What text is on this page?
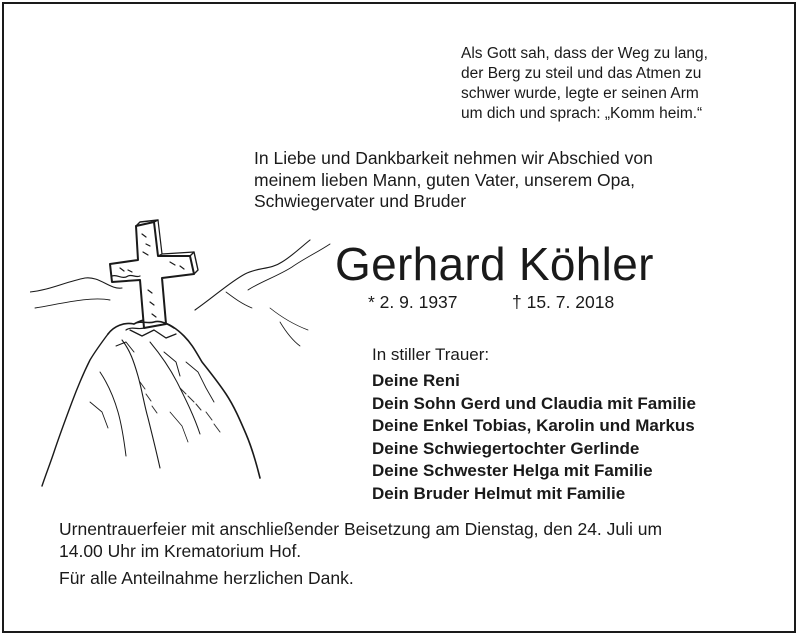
Als Gott sah, dass der Weg zu lang,
der Berg zu steil und das Atmen zu
schwer wurde, legte er seinen Arm
um dich und sprach: „Komm heim.“
In Liebe und Dankbarkeit nehmen wir Abschied von
meinem lieben Mann, guten Vater, unserem Opa,
Schwiegervater und Bruder
Gerhard Köhler
* 2. 9. 1937	† 15. 7. 2018
In stiller Trauer:
Deine Reni
Dein Sohn Gerd und Claudia mit Familie
Deine Enkel Tobias, Karolin und Markus
Deine Schwiegertochter Gerlinde
Deine Schwester Helga mit Familie
Dein Bruder Helmut mit Familie
Urnentrauerfeier mit anschließender Beisetzung am Dienstag, den 24. Juli um
14.00 Uhr im Krematorium Hof.
Für alle Anteilnahme herzlichen Dank.
